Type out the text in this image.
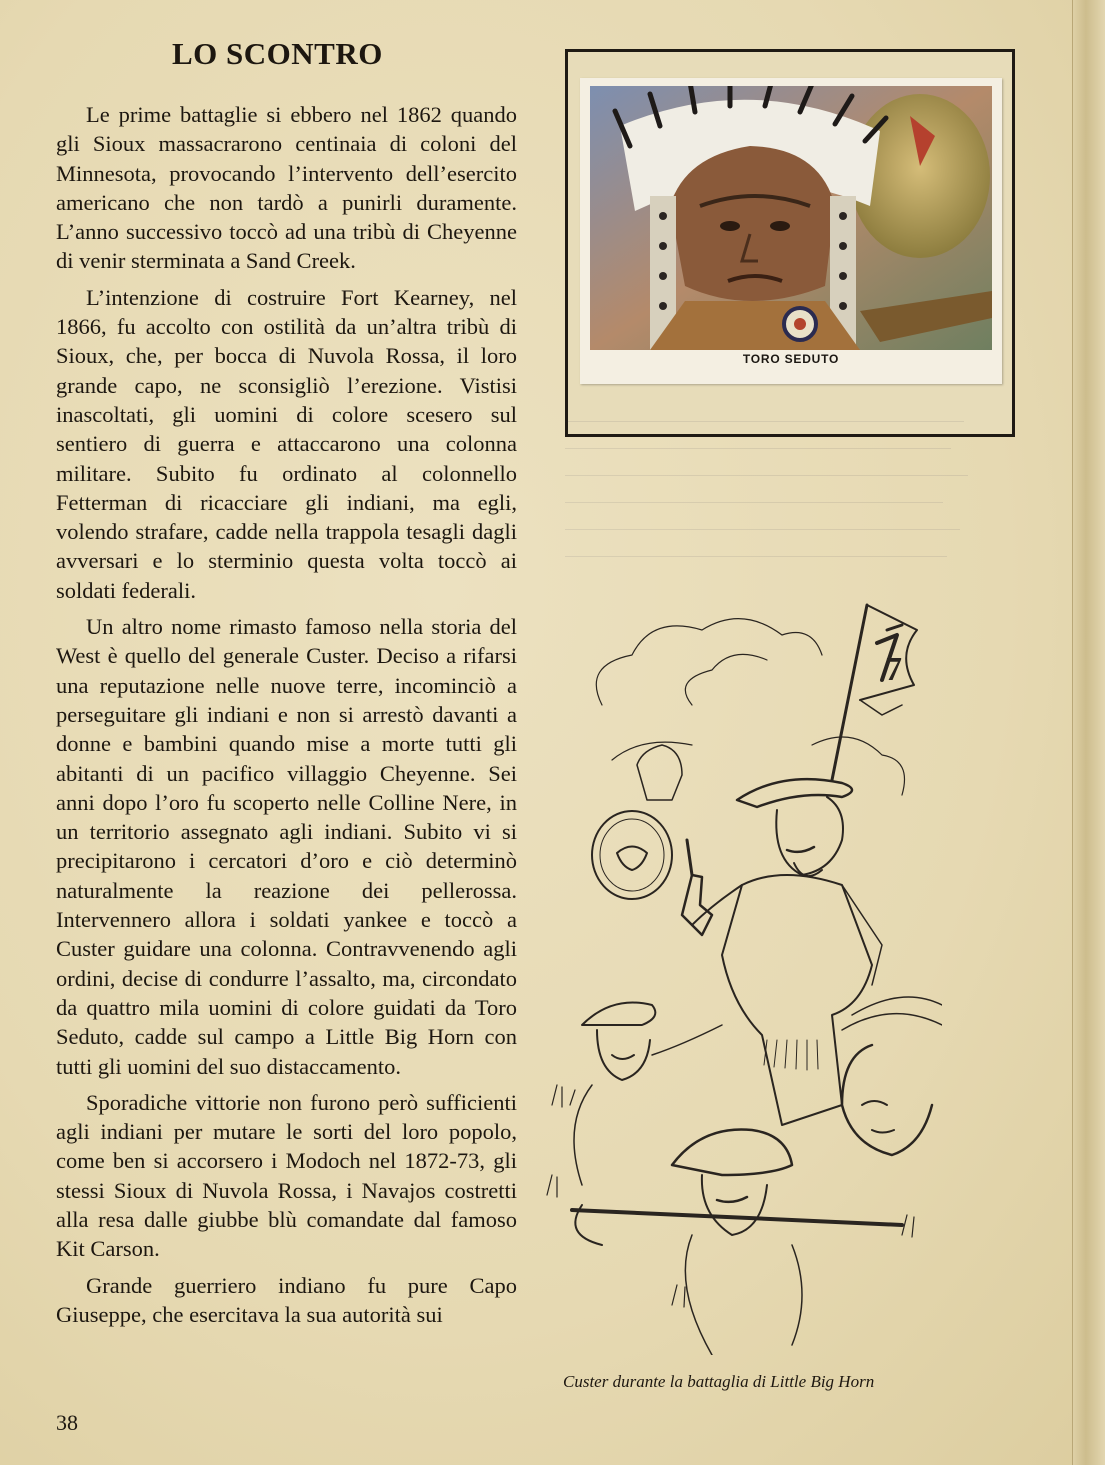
LO SCONTRO

Le prime battaglie si ebbero nel 1862 quando gli Sioux massacrarono centinaia di coloni del Minnesota, provocando l’intervento dell’esercito americano che non tardò a punirli duramente. L’anno successivo toccò ad una tribù di Cheyenne di venir sterminata a Sand Creek.

L’intenzione di costruire Fort Kearney, nel 1866, fu accolto con ostilità da un’altra tribù di Sioux, che, per bocca di Nuvola Rossa, il loro grande capo, ne sconsigliò l’erezione. Vistisi inascoltati, gli uomini di colore scesero sul sentiero di guerra e attaccarono una colonna militare. Subito fu ordinato al colonnello Fetterman di ricacciare gli indiani, ma egli, volendo strafare, cadde nella trappola tesagli dagli avversari e lo sterminio questa volta toccò ai soldati federali.

Un altro nome rimasto famoso nella storia del West è quello del generale Custer. Deciso a rifarsi una reputazione nelle nuove terre, incominciò a perseguitare gli indiani e non si arrestò davanti a donne e bambini quando mise a morte tutti gli abitanti di un pacifico villaggio Cheyenne. Sei anni dopo l’oro fu scoperto nelle Colline Nere, in un territorio assegnato agli indiani. Subito vi si precipitarono i cercatori d’oro e ciò determinò naturalmente la reazione dei pellerossa. Intervennero allora i soldati yankee e toccò a Custer guidare una colonna. Contravvenendo agli ordini, decise di condurre l’assalto, ma, circondato da quattro mila uomini di colore guidati da Toro Seduto, cadde sul campo a Little Big Horn con tutti gli uomini del suo distaccamento.

Sporadiche vittorie non furono però sufficienti agli indiani per mutare le sorti del loro popolo, come ben si accorsero i Modoch nel 1872-73, gli stessi Sioux di Nuvola Rossa, i Navajos costretti alla resa dalle giubbe blù comandate dal famoso Kit Carson.

Grande guerriero indiano fu pure Capo Giuseppe, che esercitava la sua autorità sui

TORO SEDUTO
7
Custer durante la battaglia di Little Big Horn
38
